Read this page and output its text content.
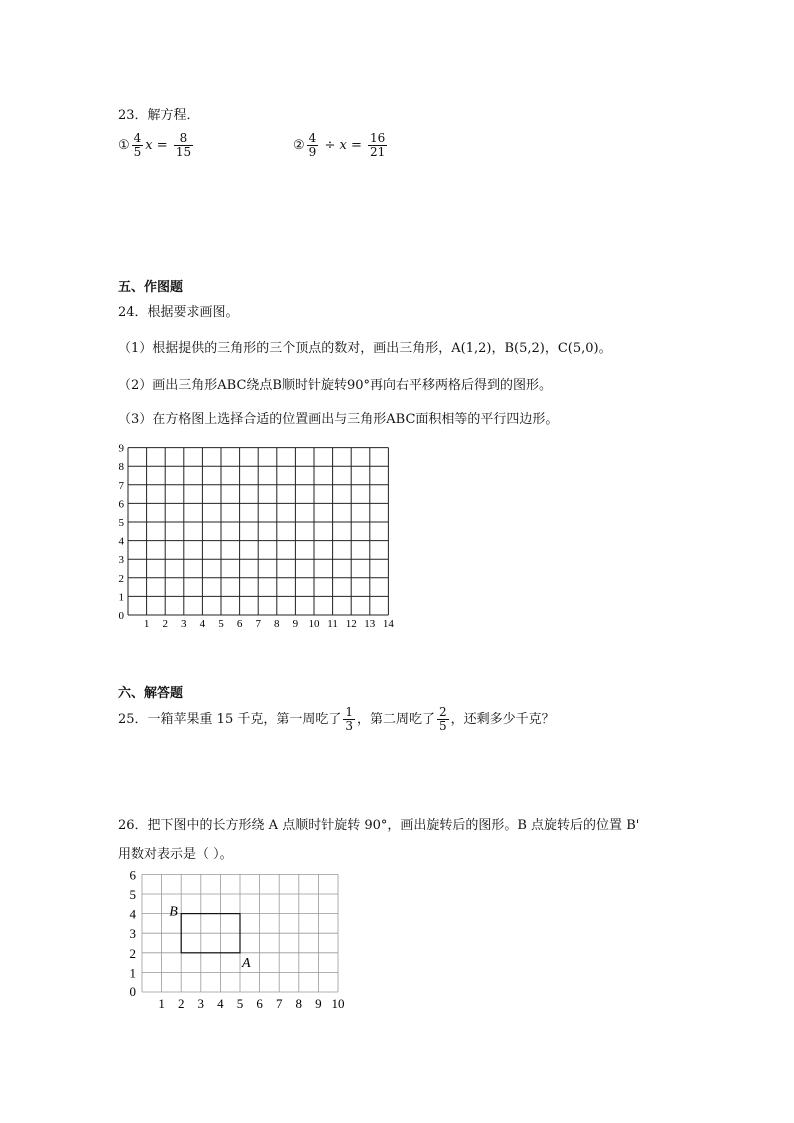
23．解方程．
① $\frac{4}{5}$ $x = \frac{8}{15}$	② $\frac{4}{9} \div x = \frac{16}{21}$
五、作图题
24．根据要求画图。
（1）根据提供的三角形的三个顶点的数对，画出三角形，A(1,2)，B(5,2)，C(5,0)。
（2）画出三角形ABC绕点B顺时针旋转90°再向右平移两格后得到的图形。
（3）在方格图上选择合适的位置画出与三角形ABC面积相等的平行四边形。
1 2 3 4 5 6 7 8 9 10 11 12 13 14
0
1
2
3
4
5
6
7
8
9
六、解答题
25．一箱苹果重 15 千克，第一周吃了 $\frac{1}{3}$ ，第二周吃了 $\frac{2}{5}$ ，还剩多少千克？
26．把下图中的长方形绕 A 点顺时针旋转 90°，画出旋转后的图形。B 点旋转后的位置 B'
用数对表示是（ ）。
1 2 3 4 5 6 7 8 9 10
0
1
2
3
4
5
6
B
A
